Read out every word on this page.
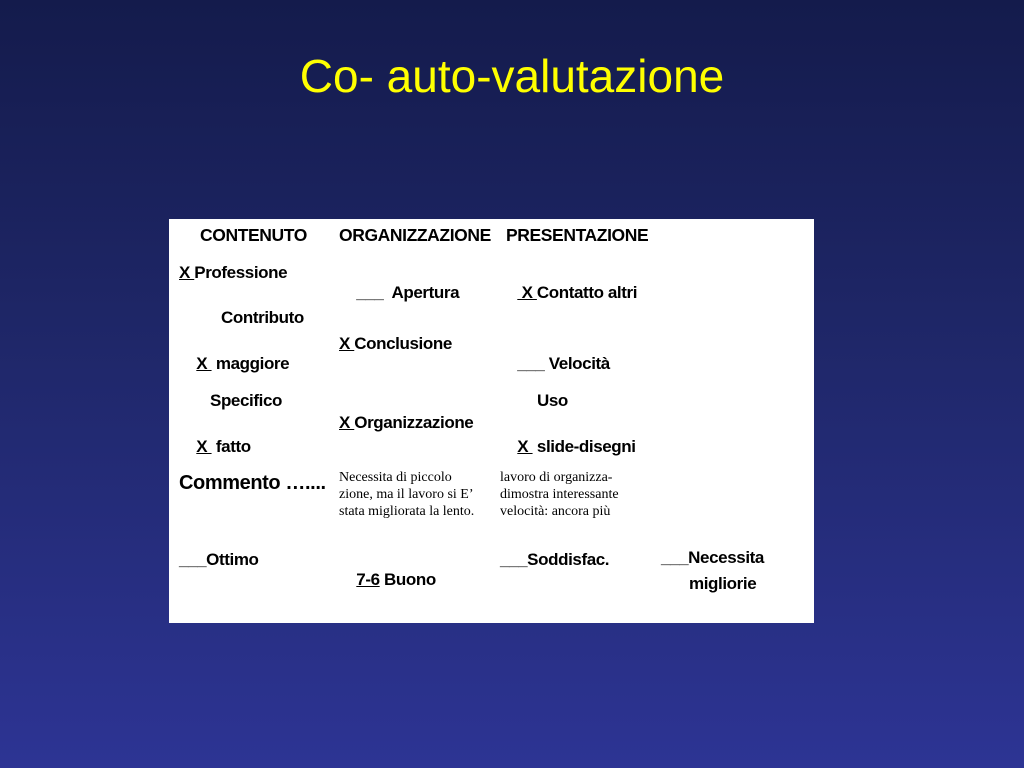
Co- auto-valutazione
CONTENUTO ORGANIZZAZIONE PRESENTAZIONE
X Professione

___  Apertura
	X Contatto altri

Contributo

X  maggiore

X Conclusione

___ Velocità

Specifico

X  fatto

X Organizzazione
Uso

X  slide-disegni

Commento ….... Necessita di piccolo zione, ma il lavoro si E’ stata migliorata la lento.
lavoro di organizza- dimostra interessante velocità: ancora più
___Ottimo

7-6 Buono

___Soddisfac.	___Necessita
migliorie
